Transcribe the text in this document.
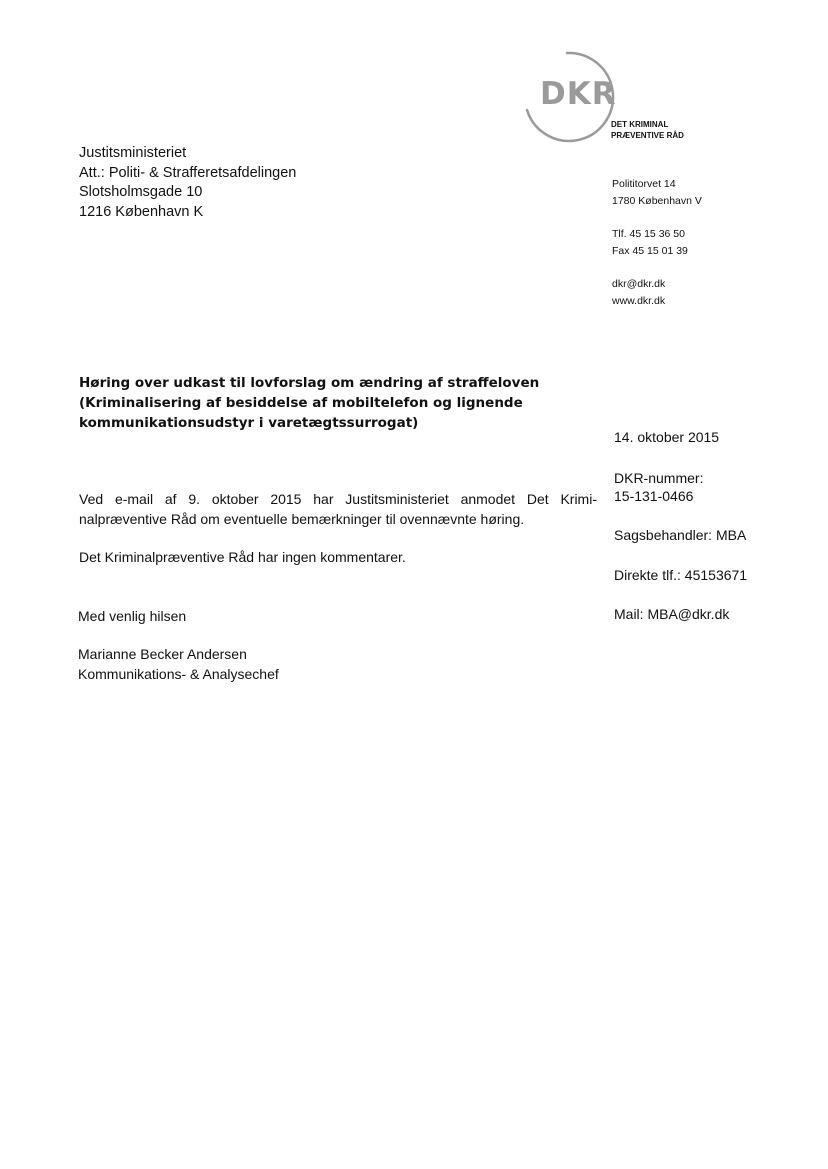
DKR
DET KRIMINAL
PRÆVENTIVE RÅD
Justitsministeriet
Att.: Politi- & Strafferetsafdelingen
Slotsholmsgade 10
1216 København K
Polititorvet 14
1780 København V
Tlf. 45 15 36 50
Fax 45 15 01 39
dkr@dkr.dk
www.dkr.dk
Høring over udkast til lovforslag om ændring af straffeloven
(Kriminalisering af besiddelse af mobiltelefon og lignende
kommunikationsudstyr i varetægtssurrogat)
14. oktober 2015
DKR-nummer:
15-131-0466
Sagsbehandler: MBA
Direkte tlf.: 45153671
Mail: MBA@dkr.dk
Ved e-mail af 9. oktober 2015 har Justitsministeriet anmodet Det Krimi-
nalpræventive Råd om eventuelle bemærkninger til ovennævnte høring.
Det Kriminalpræventive Råd har ingen kommentarer.
Med venlig hilsen
Marianne Becker Andersen
Kommunikations- & Analysechef
